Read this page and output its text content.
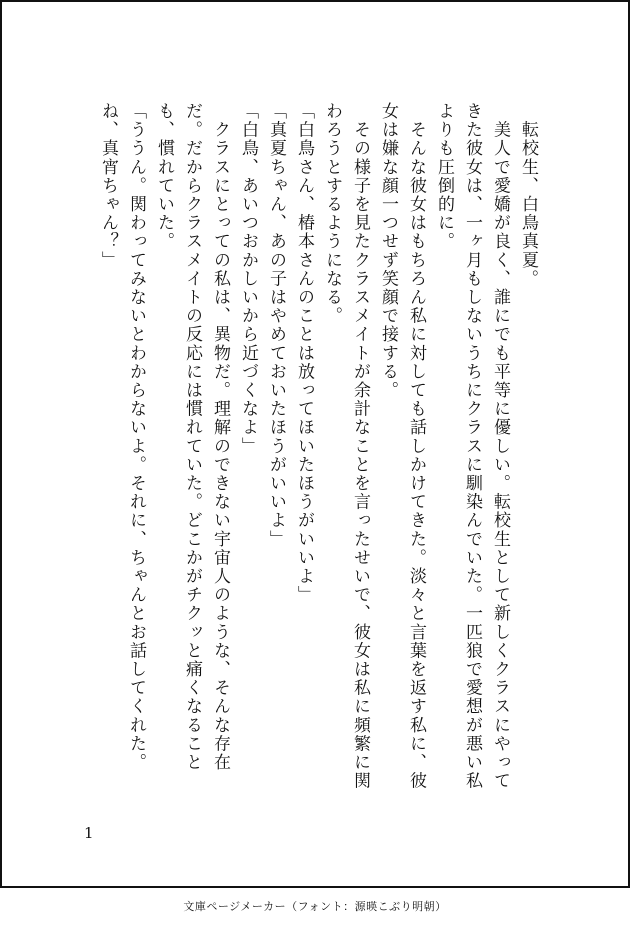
　転校生、白鳥真夏。

　美人で愛嬌が良く、誰にでも平等に優しい。転校生として新しくクラスにやってきた彼女は、一ヶ月もしないうちにクラスに馴染んでいた。一匹狼で愛想が悪い私よりも圧倒的に。

　そんな彼女はもちろん私に対しても話しかけてきた。淡々と言葉を返す私に、彼女は嫌な顔一つせず笑顔で接する。

　その様子を見たクラスメイトが余計なことを言ったせいで、彼女は私に頻繁に関わろうとするようになる。

「白鳥さん、椿本さんのことは放ってほいたほうがいいよ」

「真夏ちゃん、あの子はやめておいたほうがいいよ」

「白鳥、あいつおかしいから近づくなよ」

　クラスにとっての私は、異物だ。理解のできない宇宙人のような、そんな存在だ。だからクラスメイトの反応には慣れていた。どこかがチクッと痛くなることも、慣れていた。

「ううん。関わってみないとわからないよ。それに、ちゃんとお話してくれた。ね、真宵ちゃん？」

1
文庫ページメーカー（フォント：源暎こぶり明朝）
